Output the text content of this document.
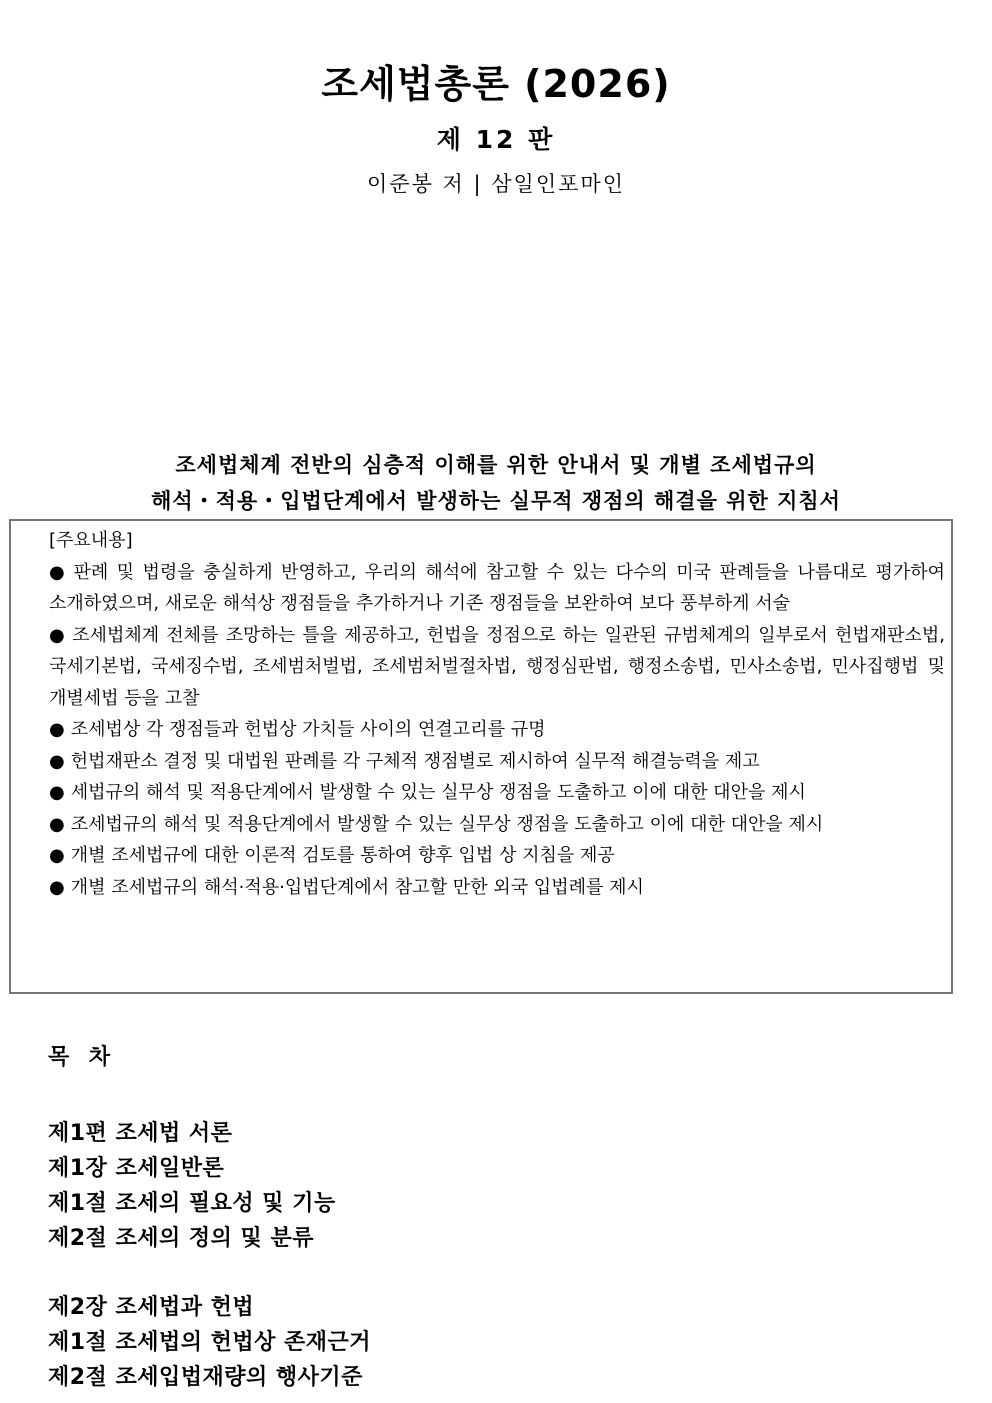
조세법총론 (2026)
제 12 판
이준봉 저 | 삼일인포마인
조세법체계 전반의 심층적 이해를 위한 안내서 및 개별 조세법규의
해석・적용・입법단계에서 발생하는 실무적 쟁점의 해결을 위한 지침서
[주요내용]
● 판례 및 법령을 충실하게 반영하고, 우리의 해석에 참고할 수 있는 다수의 미국 판례들을 나름대로 평가하여 소개하였으며, 새로운 해석상 쟁점들을 추가하거나 기존 쟁점들을 보완하여 보다 풍부하게 서술
● 조세법체계 전체를 조망하는 틀을 제공하고, 헌법을 정점으로 하는 일관된 규범체계의 일부로서 헌법재판소법, 국세기본법, 국세징수법, 조세범처벌법, 조세범처벌절차법, 행정심판법, 행정소송법, 민사소송법, 민사집행법 및 개별세법 등을 고찰
● 조세법상 각 쟁점들과 헌법상 가치들 사이의 연결고리를 규명
● 헌법재판소 결정 및 대법원 판례를 각 구체적 쟁점별로 제시하여 실무적 해결능력을 제고
● 세법규의 해석 및 적용단계에서 발생할 수 있는 실무상 쟁점을 도출하고 이에 대한 대안을 제시
● 조세법규의 해석 및 적용단계에서 발생할 수 있는 실무상 쟁점을 도출하고 이에 대한 대안을 제시
● 개별 조세법규에 대한 이론적 검토를 통하여 향후 입법 상 지침을 제공
● 개별 조세법규의 해석·적용·입법단계에서 참고할 만한 외국 입법례를 제시
목 차
제1편 조세법 서론
제1장 조세일반론
제1절 조세의 필요성 및 기능
제2절 조세의 정의 및 분류
제2장 조세법과 헌법
제1절 조세법의 헌법상 존재근거
제2절 조세입법재량의 행사기준
